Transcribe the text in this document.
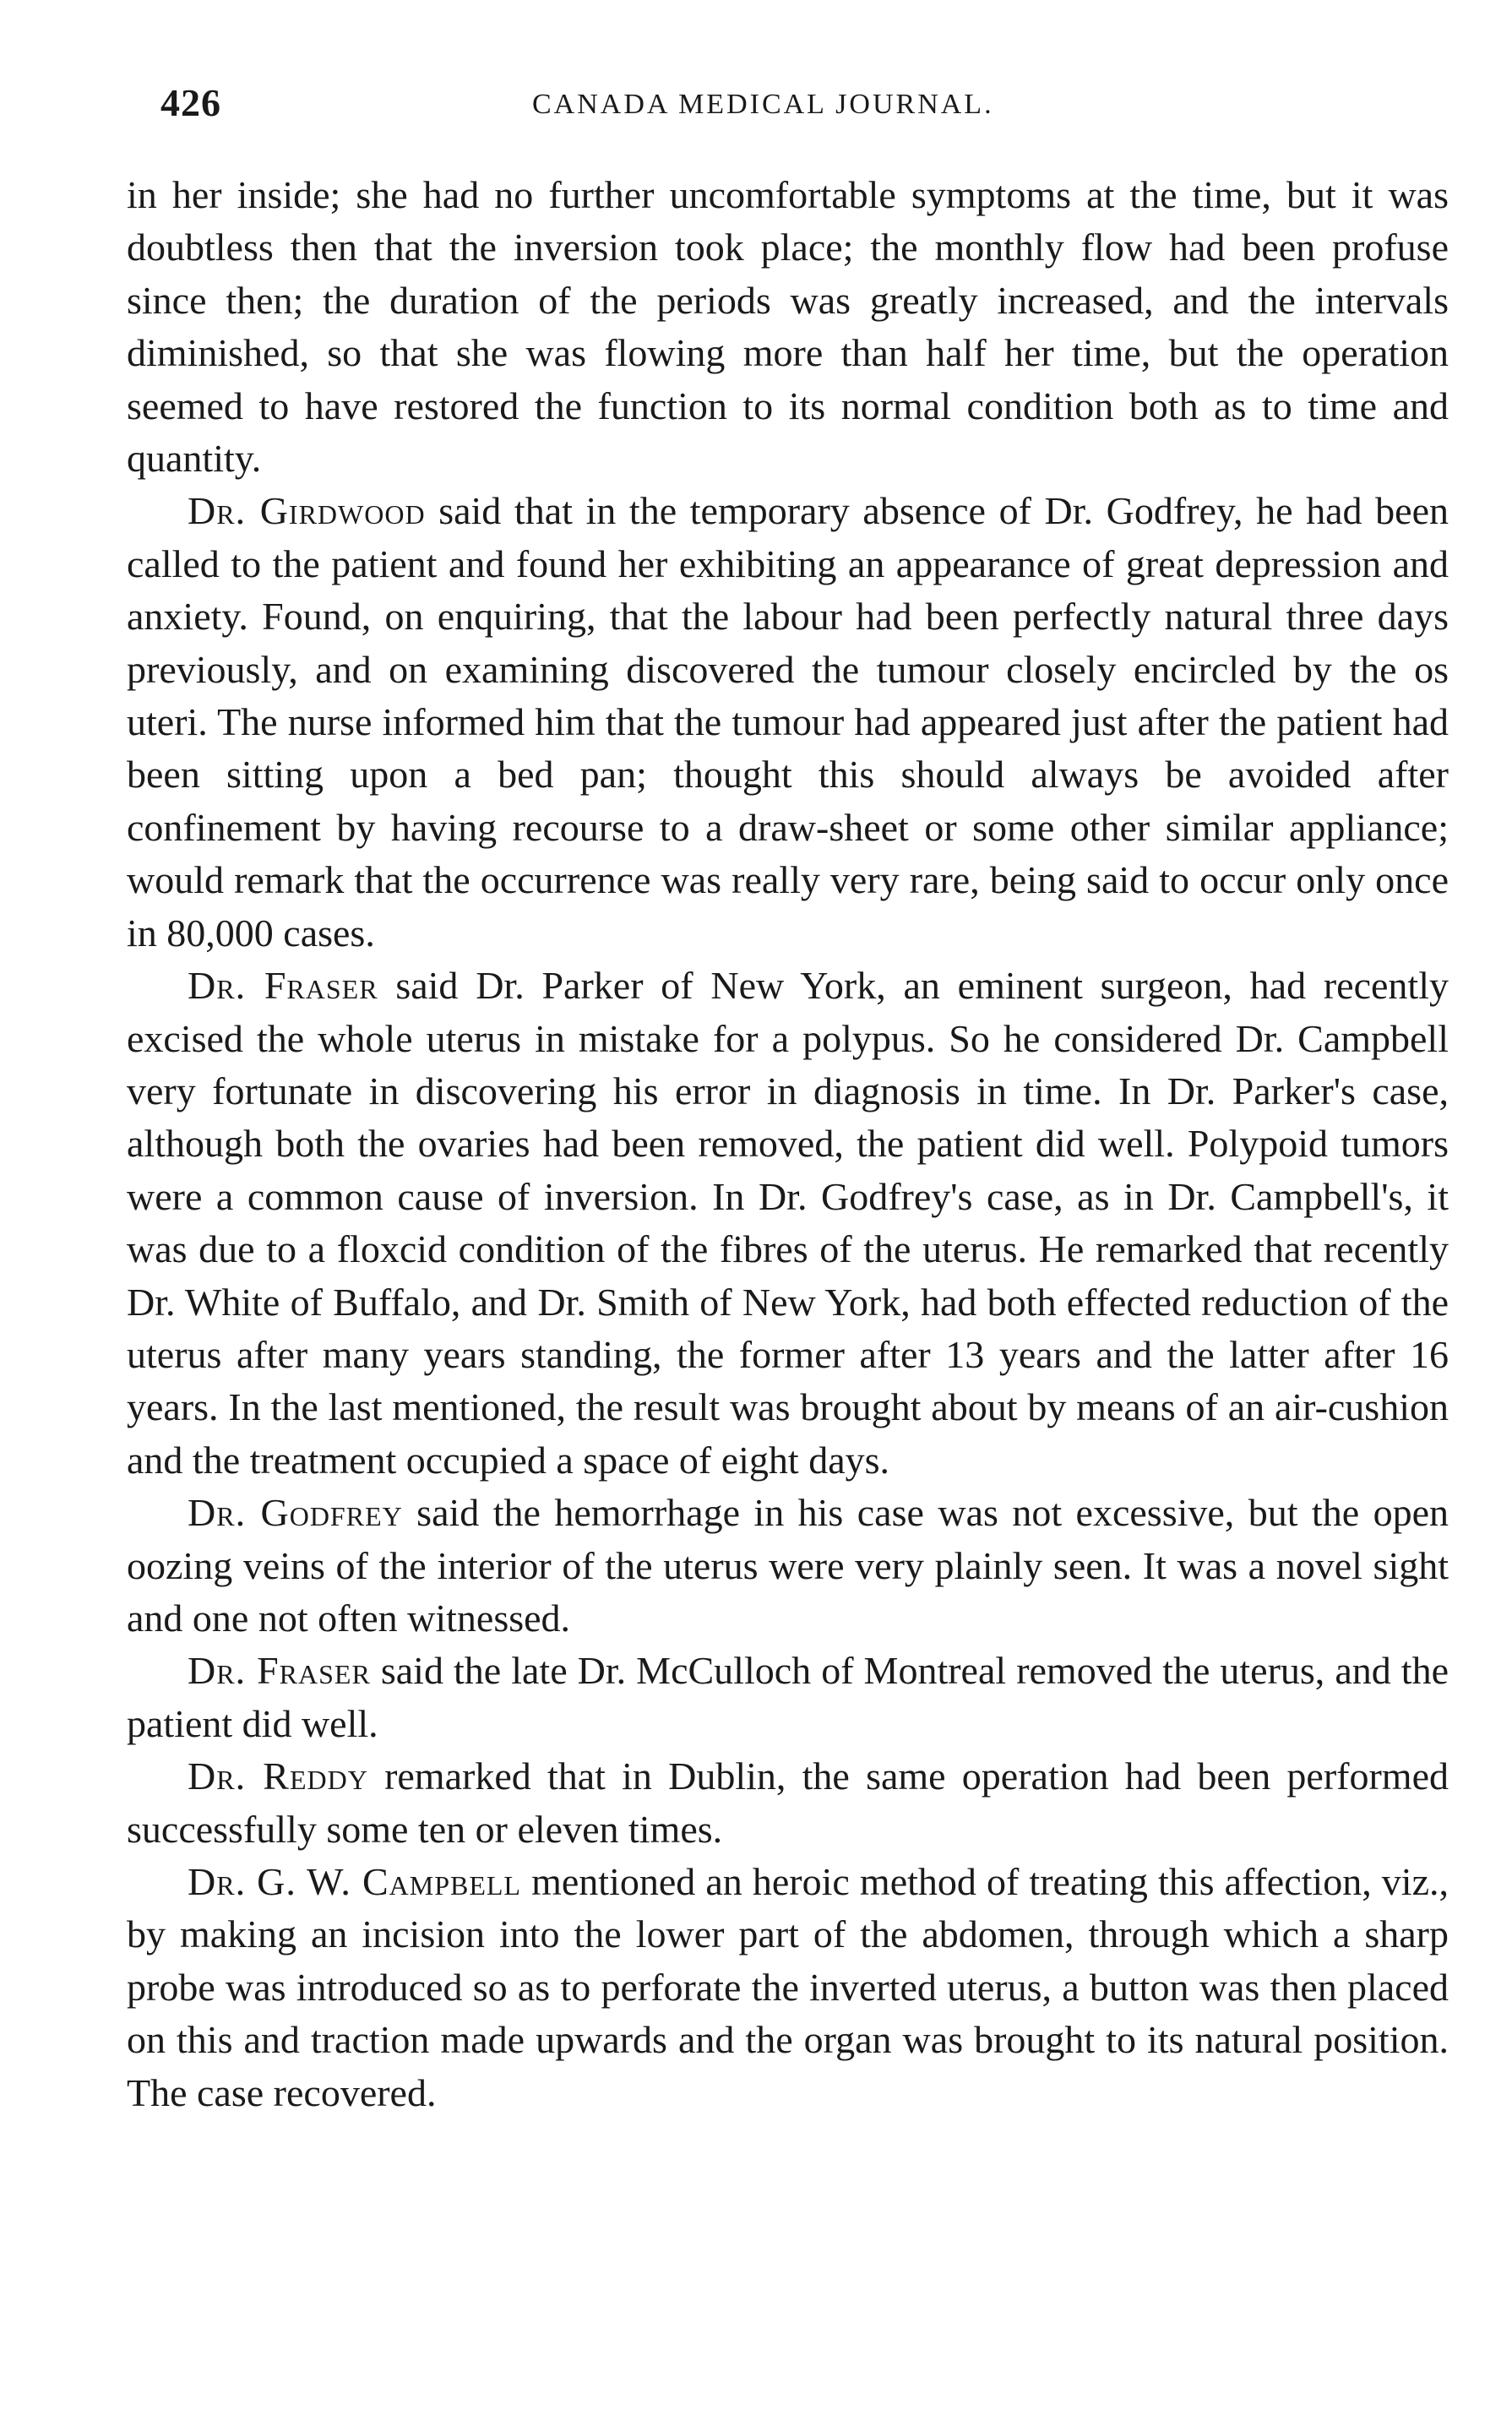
426	CANADA MEDICAL JOURNAL.

in her inside; she had no further uncomfortable symptoms at the time, but it was doubtless then that the inversion took place; the monthly flow had been profuse since then; the duration of the periods was greatly increased, and the intervals diminished, so that she was flowing more than half her time, but the operation seemed to have restored the function to its normal condition both as to time and quantity.

Dr. Girdwood said that in the temporary absence of Dr. Godfrey, he had been called to the patient and found her exhibiting an appearance of great depression and anxiety. Found, on enquiring, that the labour had been perfectly natural three days previously, and on examining discovered the tumour closely encircled by the os uteri. The nurse informed him that the tumour had appeared just after the patient had been sitting upon a bed pan; thought this should always be avoided after confinement by having recourse to a draw-sheet or some other similar appliance; would remark that the occurrence was really very rare, being said to occur only once in 80,000 cases.

Dr. Fraser said Dr. Parker of New York, an eminent surgeon, had recently excised the whole uterus in mistake for a polypus. So he considered Dr. Campbell very fortunate in discovering his error in diagnosis in time. In Dr. Parker's case, although both the ovaries had been removed, the patient did well. Polypoid tumors were a common cause of inversion. In Dr. Godfrey's case, as in Dr. Campbell's, it was due to a floxcid condition of the fibres of the uterus. He remarked that recently Dr. White of Buffalo, and Dr. Smith of New York, had both effected reduction of the uterus after many years standing, the former after 13 years and the latter after 16 years. In the last mentioned, the result was brought about by means of an air-cushion and the treatment occupied a space of eight days.

Dr. Godfrey said the hemorrhage in his case was not excessive, but the open oozing veins of the interior of the uterus were very plainly seen. It was a novel sight and one not often witnessed.

Dr. Fraser said the late Dr. McCulloch of Montreal removed the uterus, and the patient did well.

Dr. Reddy remarked that in Dublin, the same operation had been performed successfully some ten or eleven times.

Dr. G. W. Campbell mentioned an heroic method of treating this affection, viz., by making an incision into the lower part of the abdomen, through which a sharp probe was introduced so as to perforate the inverted uterus, a button was then placed on this and traction made upwards and the organ was brought to its natural position. The case recovered.
